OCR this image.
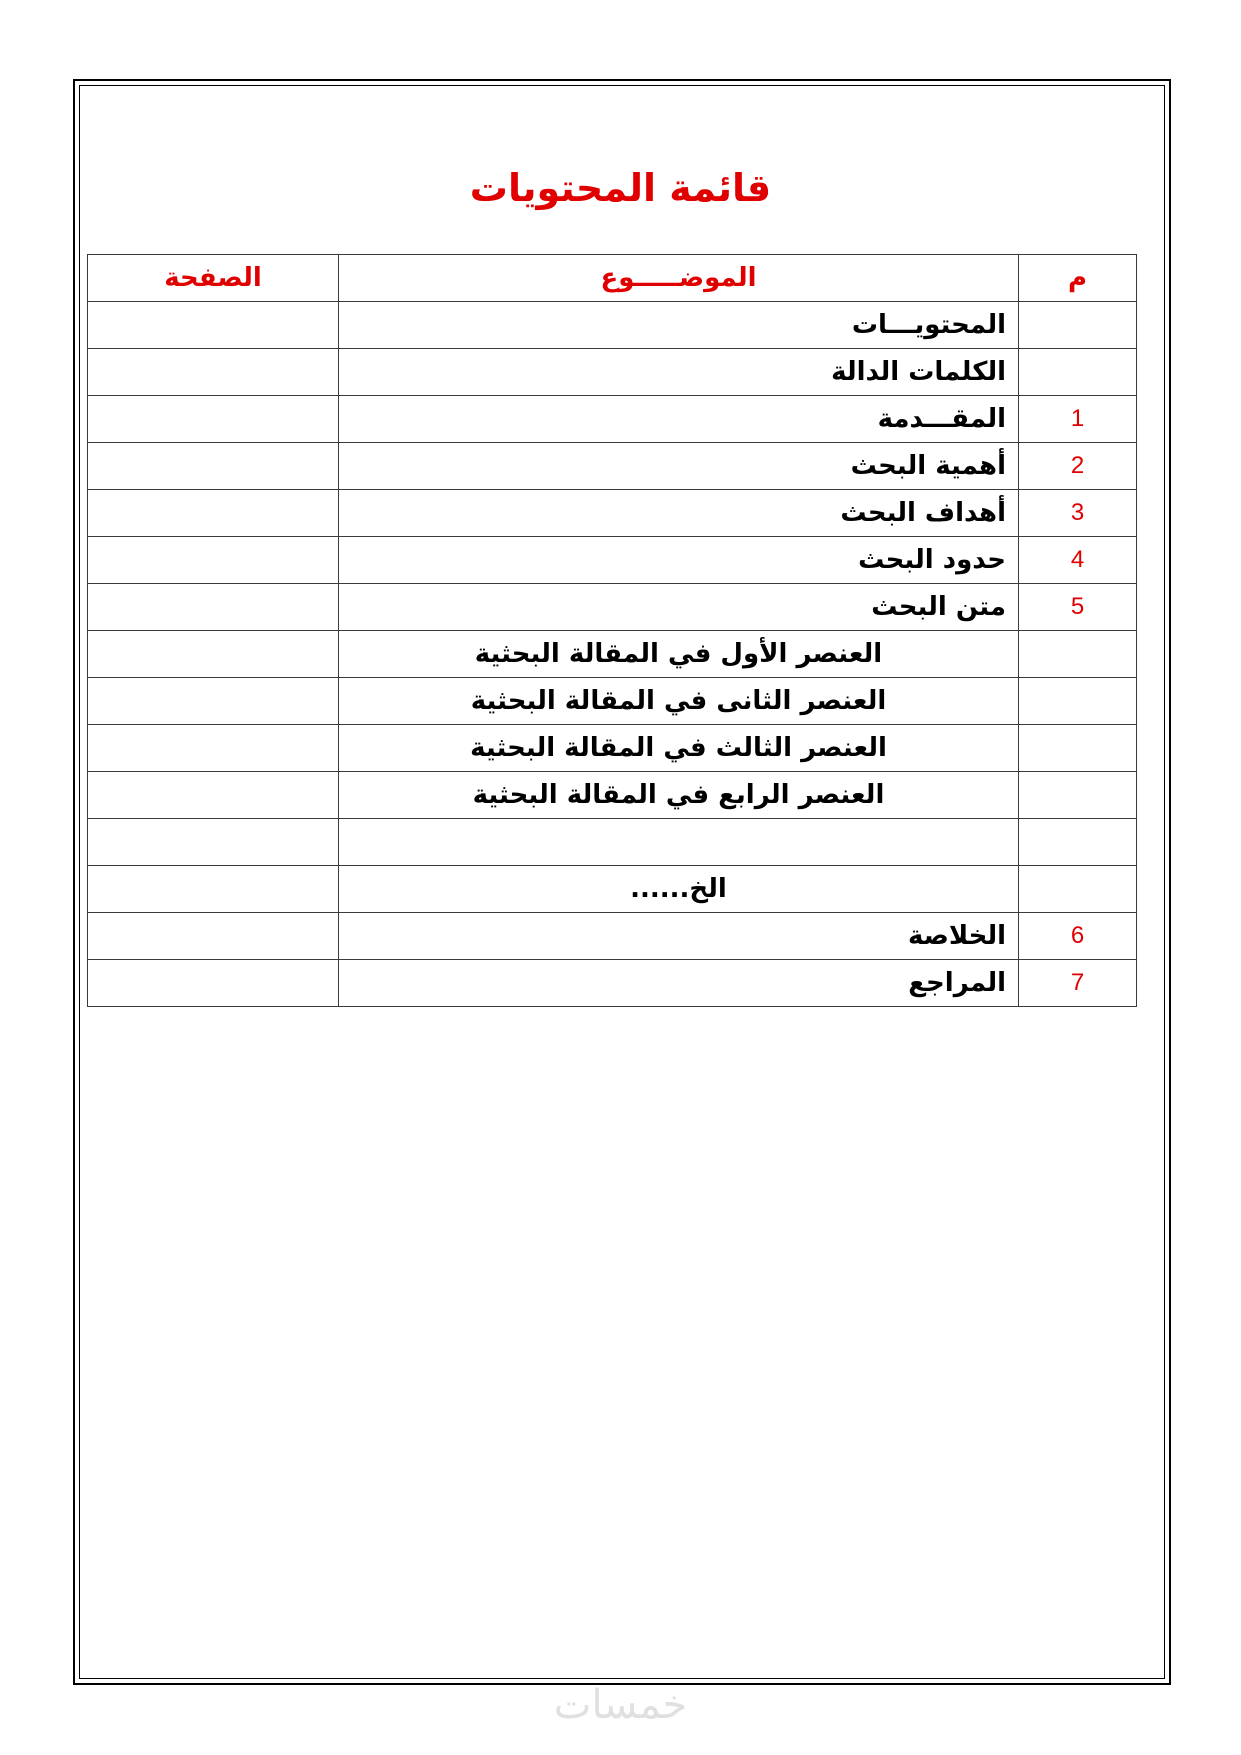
قائمة المحتويات
م	الموضـــــوع	الصفحة
	المحتويـــات	
	الكلمات الدالة	
1	المقـــدمة	
2	أهمية البحث	
3	أهداف البحث	
4	حدود البحث	
5	متن البحث	
	العنصر الأول في المقالة البحثية	
	العنصر الثانى في المقالة البحثية	
	العنصر الثالث في المقالة البحثية	
	العنصر الرابع في المقالة البحثية	

	الخ......	
6	الخلاصة	
7	المراجع	
خمسات
